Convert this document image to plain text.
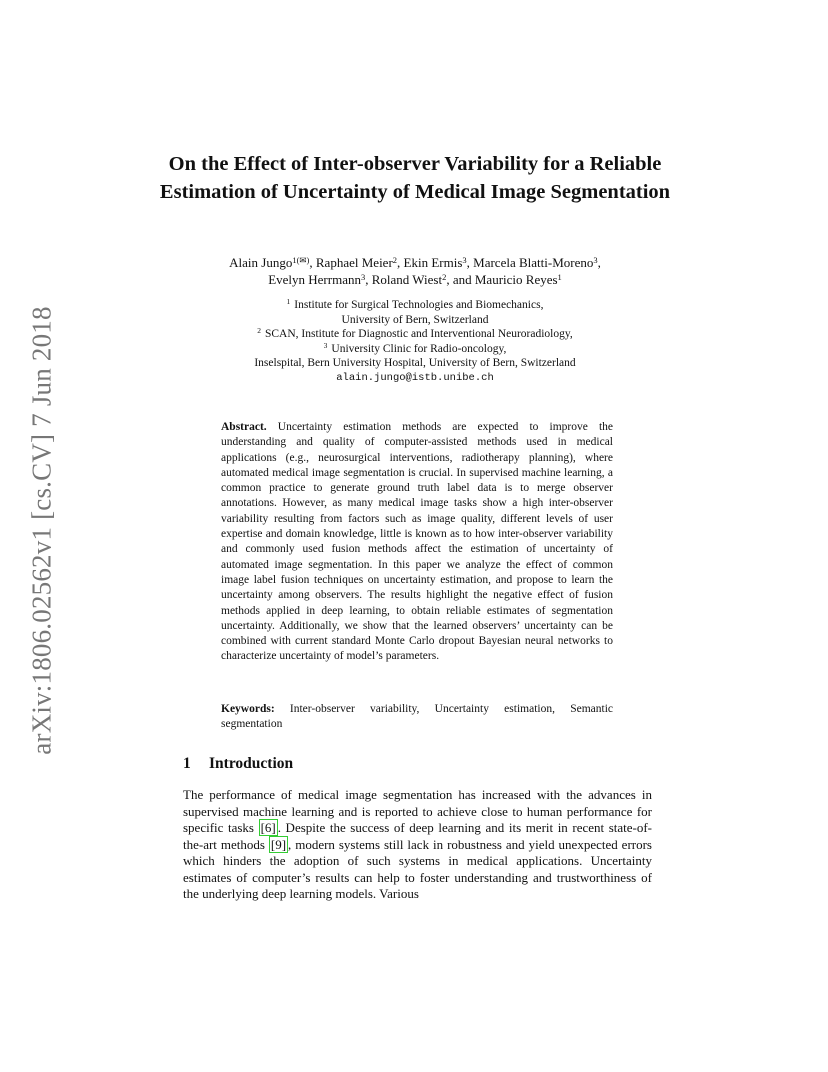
arXiv:1806.02562v1 [cs.CV] 7 Jun 2018
On the Effect of Inter-observer Variability for a Reliable Estimation of Uncertainty of Medical Image Segmentation

Alain Jungo$^{1(✉)}$, Raphael Meier$^2$, Ekin Ermis$^3$, Marcela Blatti-Moreno$^3$,
Evelyn Herrmann$^3$, Roland Wiest$^2$, and Mauricio Reyes$^1$

$^1$ Institute for Surgical Technologies and Biomechanics,
University of Bern, Switzerland
$^2$ SCAN, Institute for Diagnostic and Interventional Neuroradiology,
$^3$ University Clinic for Radio-oncology,
Inselspital, Bern University Hospital, University of Bern, Switzerland
alain.jungo@istb.unibe.ch

Abstract. Uncertainty estimation methods are expected to improve the understanding and quality of computer-assisted methods used in medical applications (e.g., neurosurgical interventions, radiotherapy planning), where automated medical image segmentation is crucial. In supervised machine learning, a common practice to generate ground truth label data is to merge observer annotations. However, as many medical image tasks show a high inter-observer variability resulting from factors such as image quality, different levels of user expertise and domain knowledge, little is known as to how inter-observer variability and commonly used fusion methods affect the estimation of uncertainty of automated image segmentation. In this paper we analyze the effect of common image label fusion techniques on uncertainty estimation, and propose to learn the uncertainty among observers. The results highlight the negative effect of fusion methods applied in deep learning, to obtain reliable estimates of segmentation uncertainty. Additionally, we show that the learned observers’ uncertainty can be combined with current standard Monte Carlo dropout Bayesian neural networks to characterize uncertainty of model’s parameters.

Keywords: Inter-observer variability, Uncertainty estimation, Semantic segmentation

1 Introduction

The performance of medical image segmentation has increased with the advances in supervised machine learning and is reported to achieve close to human performance for specific tasks [6] . Despite the success of deep learning and its merit in recent state-of-the-art methods [9] , modern systems still lack in robustness and yield unexpected errors which hinders the adoption of such systems in medical applications. Uncertainty estimates of computer’s results can help to foster understanding and trustworthiness of the underlying deep learning models. Various
